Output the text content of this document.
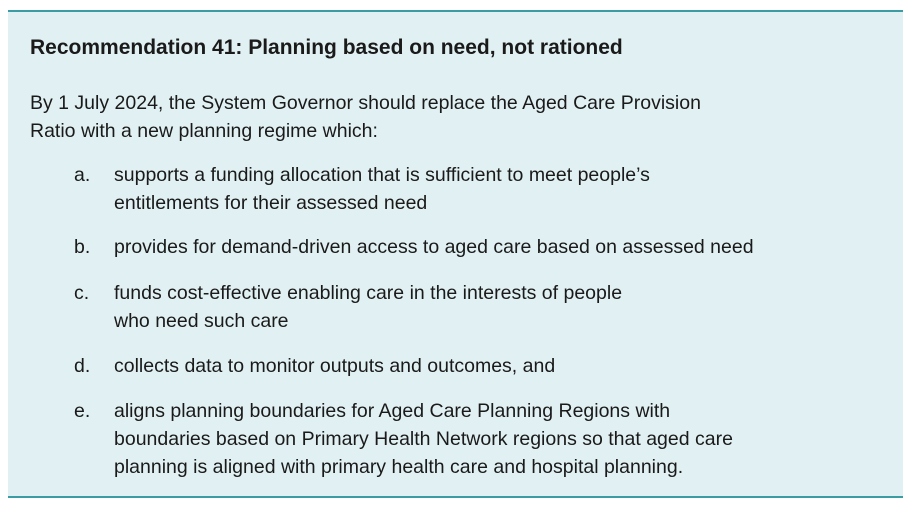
Recommendation 41: Planning based on need, not rationed
By 1 July 2024, the System Governor should replace the Aged Care Provision
Ratio with a new planning regime which:
a.	supports a funding allocation that is sufficient to meet people’s
entitlements for their assessed need
b.	provides for demand-driven access to aged care based on assessed need
c.	funds cost-effective enabling care in the interests of people
who need such care
d.	collects data to monitor outputs and outcomes, and
e.	aligns planning boundaries for Aged Care Planning Regions with
boundaries based on Primary Health Network regions so that aged care
planning is aligned with primary health care and hospital planning.
